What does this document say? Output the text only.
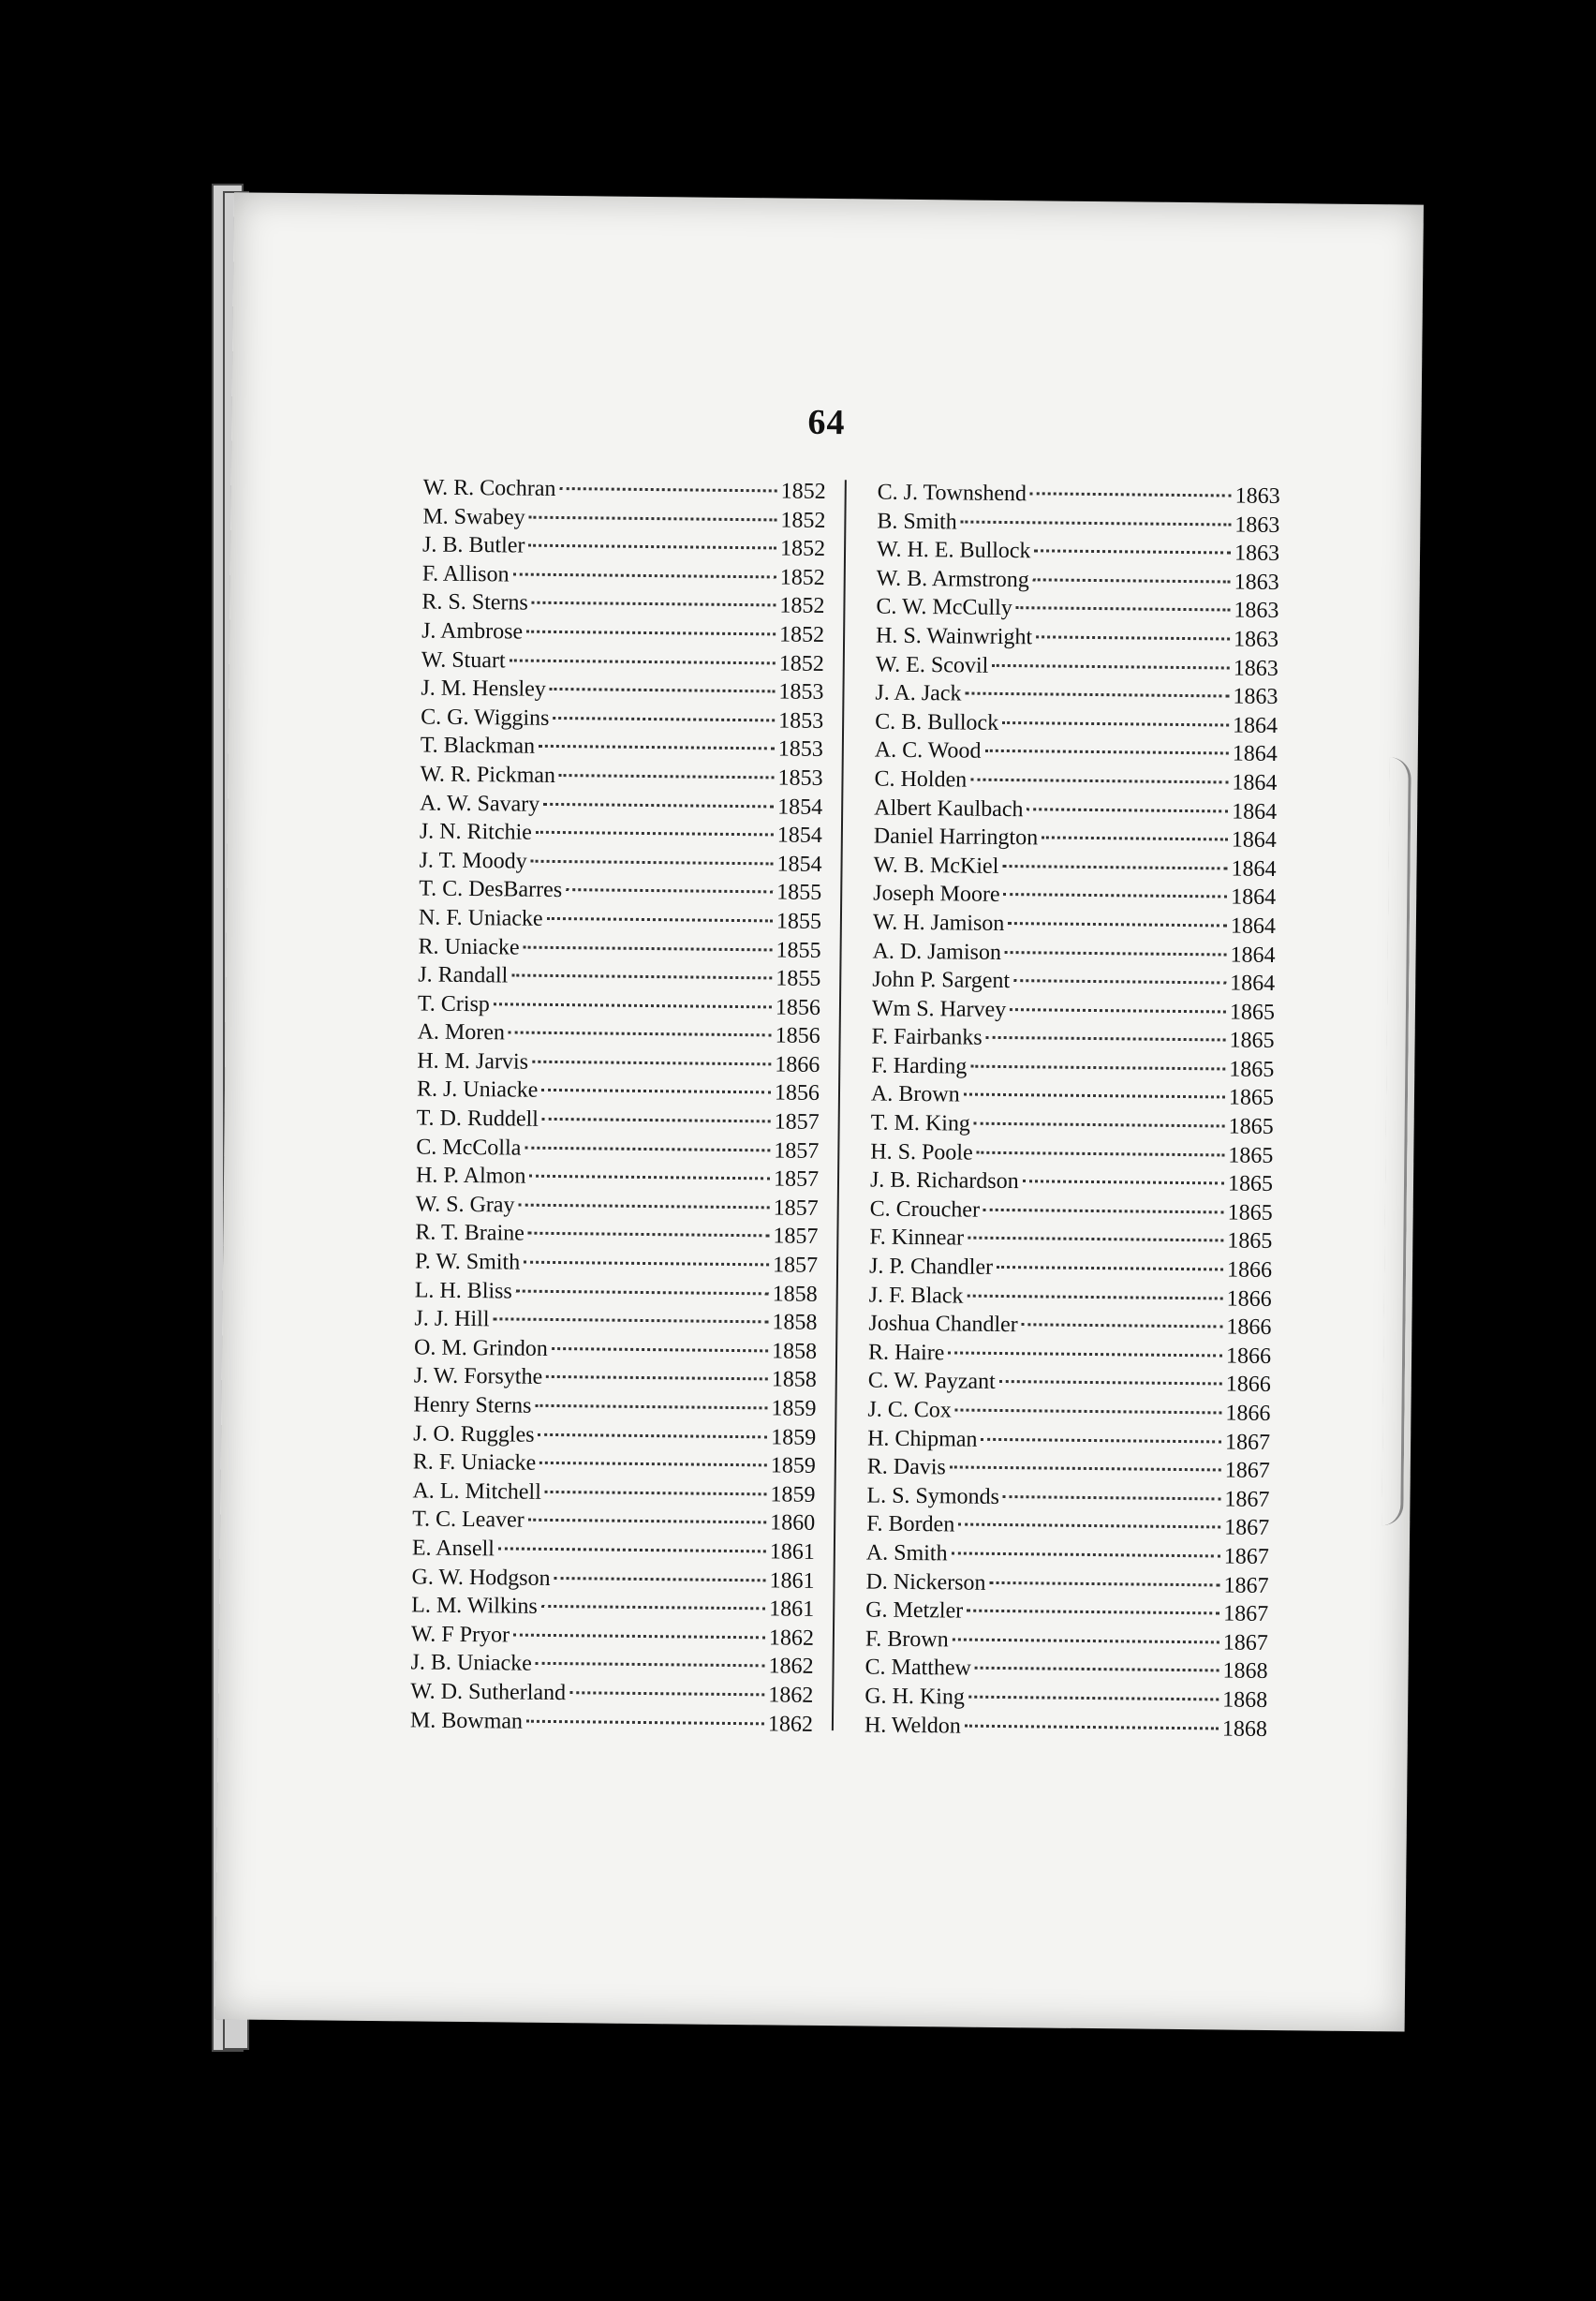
64
W. R. Cochran	1852
M. Swabey	1852
J. B. Butler	1852
F. Allison	1852
R. S. Sterns	1852
J. Ambrose	1852
W. Stuart	1852
J. M. Hensley	1853
C. G. Wiggins	1853
T. Blackman	1853
W. R. Pickman	1853
A. W. Savary	1854
J. N. Ritchie	1854
J. T. Moody	1854
T. C. DesBarres	1855
N. F. Uniacke	1855
R. Uniacke	1855
J. Randall	1855
T. Crisp	1856
A. Moren	1856
H. M. Jarvis	1866
R. J. Uniacke	1856
T. D. Ruddell	1857
C. McColla	1857
H. P. Almon	1857
W. S. Gray	1857
R. T. Braine	1857
P. W. Smith	1857
L. H. Bliss	1858
J. J. Hill	1858
O. M. Grindon	1858
J. W. Forsythe	1858
Henry Sterns	1859
J. O. Ruggles	1859
R. F. Uniacke	1859
A. L. Mitchell	1859
T. C. Leaver	1860
E. Ansell	1861
G. W. Hodgson	1861
L. M. Wilkins	1861
W. F Pryor	1862
J. B. Uniacke	1862
W. D. Sutherland	1862
M. Bowman	1862
C. J. Townshend	1863
B. Smith	1863
W. H. E. Bullock	1863
W. B. Armstrong	1863
C. W. McCully	1863
H. S. Wainwright	1863
W. E. Scovil	1863
J. A. Jack	1863
C. B. Bullock	1864
A. C. Wood	1864
C. Holden	1864
Albert Kaulbach	1864
Daniel Harrington	1864
W. B. McKiel	1864
Joseph Moore	1864
W. H. Jamison	1864
A. D. Jamison	1864
John P. Sargent	1864
Wm S. Harvey	1865
F. Fairbanks	1865
F. Harding	1865
A. Brown	1865
T. M. King	1865
H. S. Poole	1865
J. B. Richardson	1865
C. Croucher	1865
F. Kinnear	1865
J. P. Chandler	1866
J. F. Black	1866
Joshua Chandler	1866
R. Haire	1866
C. W. Payzant	1866
J. C. Cox	1866
H. Chipman	1867
R. Davis	1867
L. S. Symonds	1867
F. Borden	1867
A. Smith	1867
D. Nickerson	1867
G. Metzler	1867
F. Brown	1867
C. Matthew	1868
G. H. King	1868
H. Weldon	1868
